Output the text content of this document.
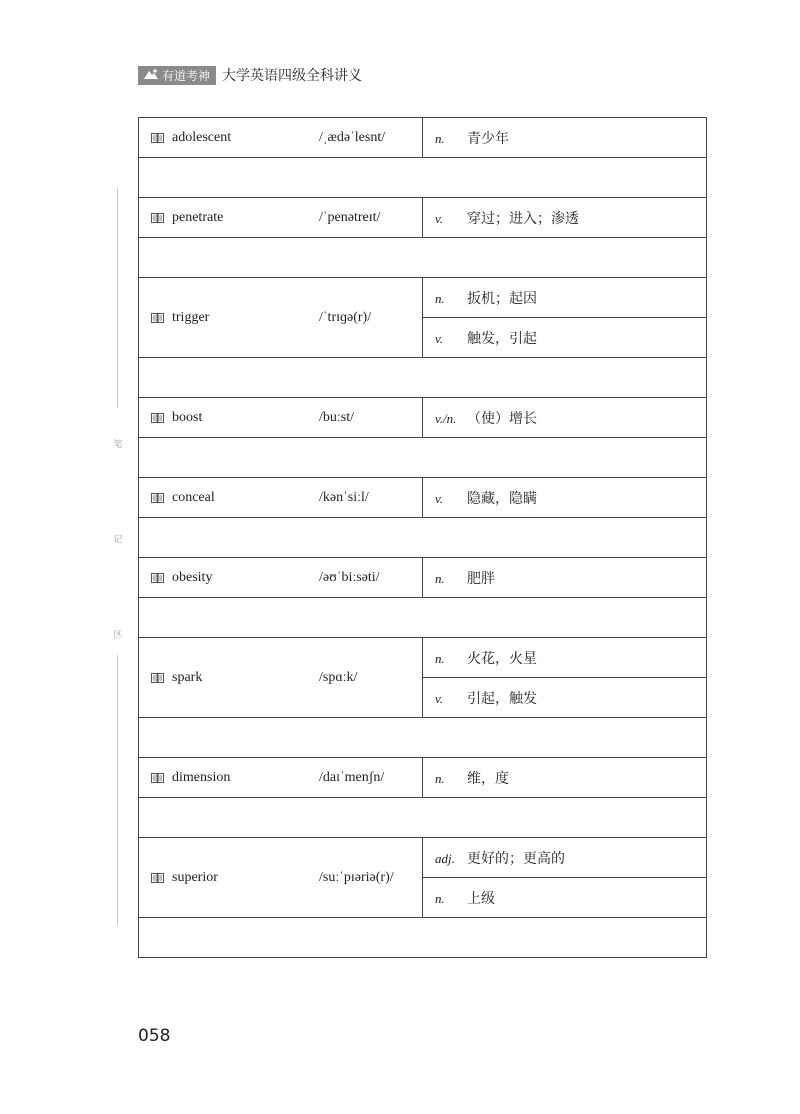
有道考神 大学英语四级全科讲义
笔
记
区
adolescent	/ˌædəˈlesnt/	n. 青少年

penetrate	/ˈpenətreɪt/	v. 穿过；进入；渗透

trigger	/ˈtrɪɡə(r)/	n. 扳机；起因
		v. 触发，引起

boost	/buːst/	v./n. （使）增长

conceal	/kənˈsiːl/	v. 隐藏，隐瞒

obesity	/əʊˈbiːsəti/	n. 肥胖

spark	/spɑːk/	n. 火花，火星
		v. 引起，触发

dimension	/daɪˈmenʃn/	n. 维，度

superior	/suːˈpɪəriə(r)/	adj. 更好的；更高的
		n. 上级

058
